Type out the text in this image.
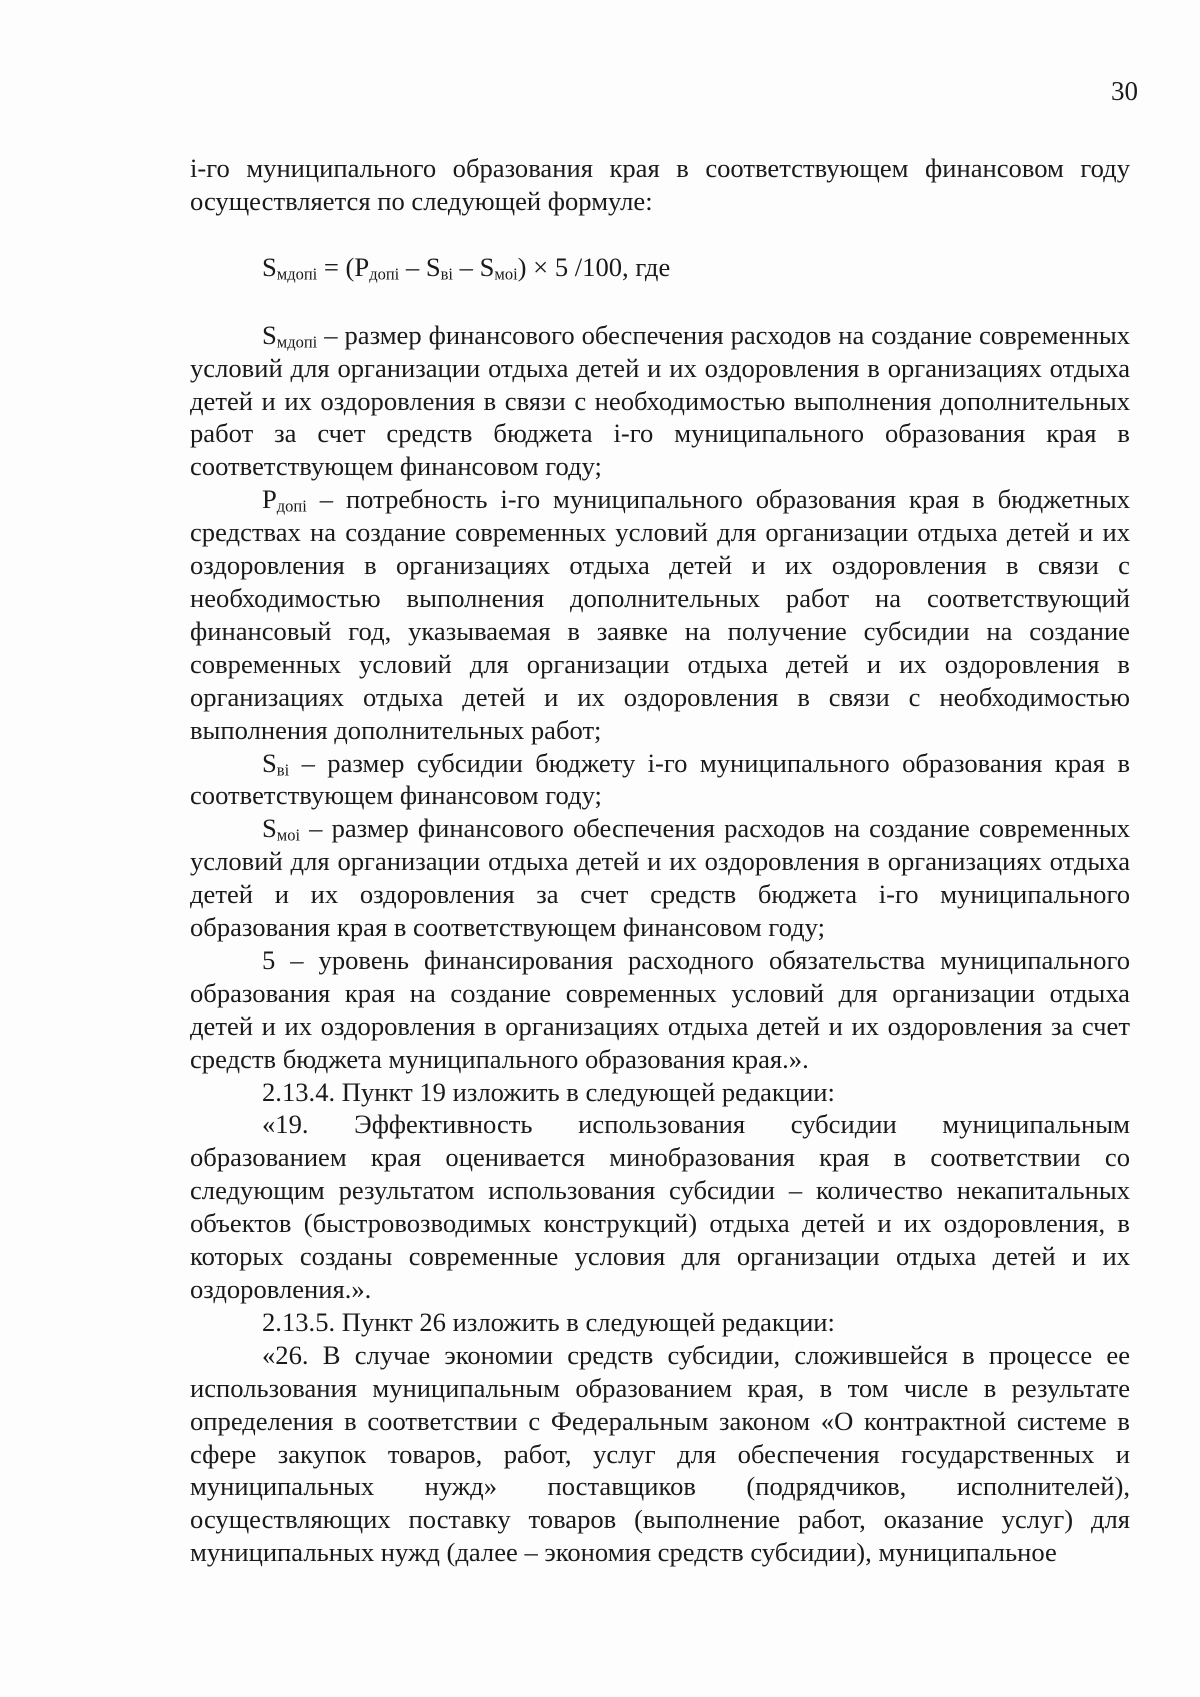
30

i-го муниципального образования края в соответствующем финансовом году осуществляется по следующей формуле:

$S_{мдопi} = (P_{допi} - S_{вi} - S_{моi}) \times 5$ /100, где

$S_{мдопi}$ – размер финансового обеспечения расходов на создание современных условий для организации отдыха детей и их оздоровления в организациях отдыха детей и их оздоровления в связи с необходимостью выполнения дополнительных работ за счет средств бюджета i-го муниципального образования края в соответствующем финансовом году;

$P_{допi}$ – потребность i-го муниципального образования края в бюджетных средствах на создание современных условий для организации отдыха детей и их оздоровления в организациях отдыха детей и их оздоровления в связи с необходимостью выполнения дополнительных работ на соответствующий финансовый год, указываемая в заявке на получение субсидии на создание современных условий для организации отдыха детей и их оздоровления в организациях отдыха детей и их оздоровления в связи с необходимостью выполнения дополнительных работ;

$S_{вi}$ – размер субсидии бюджету i-го муниципального образования края в соответствующем финансовом году;

$S_{моi}$ – размер финансового обеспечения расходов на создание современных условий для организации отдыха детей и их оздоровления в организациях отдыха детей и их оздоровления за счет средств бюджета i-го муниципального образования края в соответствующем финансовом году;

5 – уровень финансирования расходного обязательства муниципального образования края на создание современных условий для организации отдыха детей и их оздоровления в организациях отдыха детей и их оздоровления за счет средств бюджета муниципального образования края.».

2.13.4. Пункт 19 изложить в следующей редакции:

«19. Эффективность использования субсидии муниципальным образованием края оценивается минобразования края в соответствии со следующим результатом использования субсидии – количество некапитальных объектов (быстровозводимых конструкций) отдыха детей и их оздоровления, в которых созданы современные условия для организации отдыха детей и их оздоровления.».

2.13.5. Пункт 26 изложить в следующей редакции:

«26. В случае экономии средств субсидии, сложившейся в процессе ее использования муниципальным образованием края, в том числе в результате определения в соответствии с Федеральным законом «О контрактной системе в сфере закупок товаров, работ, услуг для обеспечения государственных и муниципальных нужд» поставщиков (подрядчиков, исполнителей), осуществляющих поставку товаров (выполнение работ, оказание услуг) для муниципальных нужд (далее – экономия средств субсидии), муниципальное
